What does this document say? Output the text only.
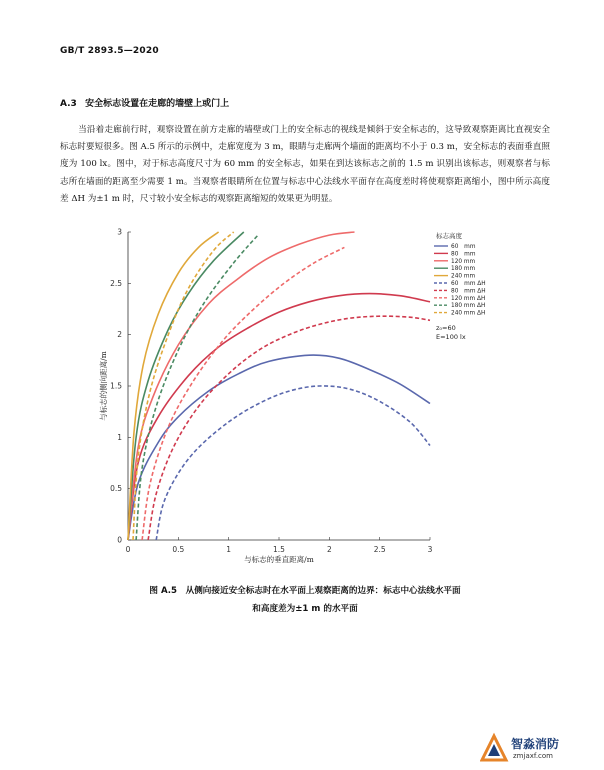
GB/T 2893.5—2020
A.3 安全标志设置在走廊的墙壁上或门上

当沿着走廊前行时，观察设置在前方走廊的墙壁或门上的安全标志的视线是倾斜于安全标志的，这导致观察距离比直视安全标志时要短很多。图 A.5 所示的示例中，走廊宽度为 3 m，眼睛与走廊两个墙面的距离均不小于 0.3 m，安全标志的表面垂直照度为 100 lx。图中，对于标志高度尺寸为 60 mm 的安全标志，如果在到达该标志之前的 1.5 m 识别出该标志，则观察者与标志所在墙面的距离至少需要 1 m。当观察者眼睛所在位置与标志中心法线水平面存在高度差时将使观察距离缩小，图中所示高度差 ΔH 为±1 m 时，尺寸较小安全标志的观察距离缩短的效果更为明显。

0	0.5	1	1.5	2	2.5	3
0
0.5
1
1.5
2
2.5
3
与标志的垂直距离/m
与标志的侧向距离/m
标志高度
60　mm
80　mm
120 mm
180 mm
240 mm
60　mm ΔH
80　mm ΔH
120 mm ΔH
180 mm ΔH
240 mm ΔH
z₀=60
E=100 lx
图 A.5　从侧向接近安全标志时在水平面上观察距离的边界：标志中心法线水平面
和高度差为±1 m 的水平面
智淼消防
zmjaxf.com
